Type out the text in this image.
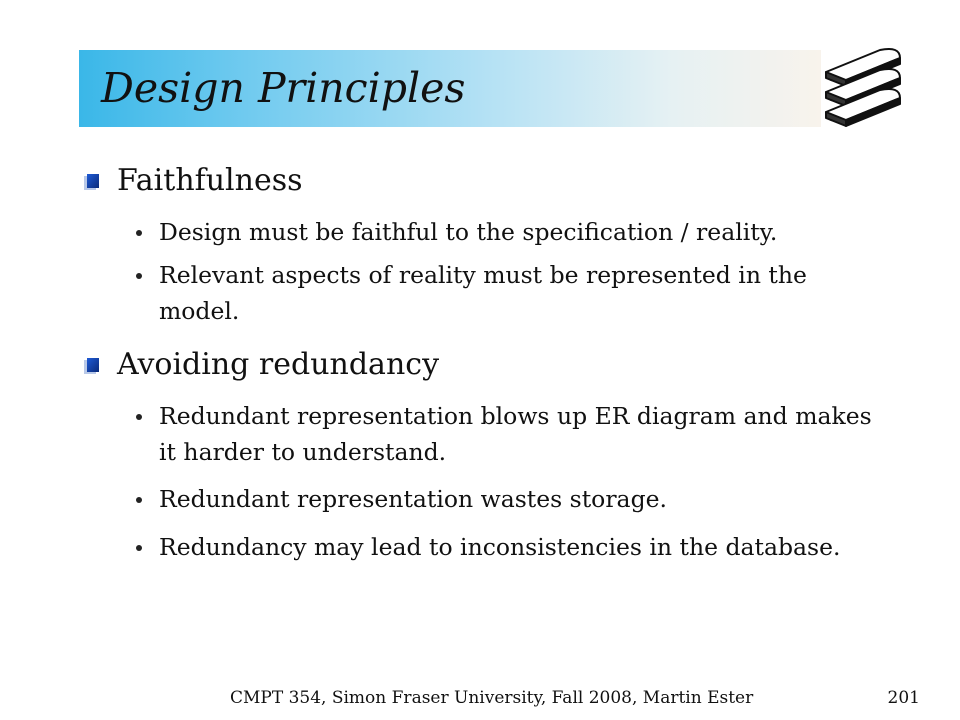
Design Principles
Faithfulness
Design must be faithful to the specification / reality.
Relevant aspects of reality must be represented in the model.
Avoiding redundancy
Redundant representation blows up ER diagram and makes it harder to understand.
Redundant representation wastes storage.
Redundancy may lead to inconsistencies in the database.
CMPT 354, Simon Fraser University, Fall 2008, Martin Ester	201
